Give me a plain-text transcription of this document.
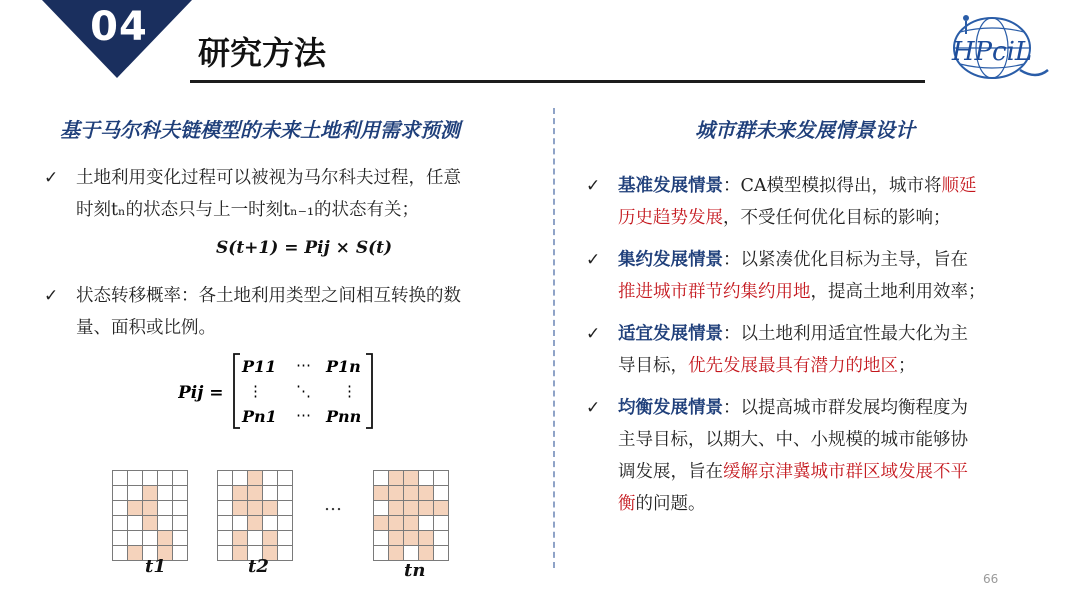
04
研究方法	HPciL
基于马尔科夫链模型的未来土地利用需求预测	城市群未来发展情景设计
✓ 土地利用变化过程可以被视为马尔科夫过程，任意
时刻tₙ的状态只与上一时刻tₙ₋₁的状态有关；
S(t+1) = Pij × S(t)
✓ 状态转移概率：各土地利用类型之间相互转换的数
量、面积或比例。
Pij =
P11 ⋯ P1n
⋮ ⋱ ⋮
Pn1 ⋯ Pnn
…
t1	t2	tn
✓ 基准发展情景：CA模型模拟得出，城市将顺延
历史趋势发展，不受任何优化目标的影响；
✓ 集约发展情景：以紧凑优化目标为主导，旨在
推进城市群节约集约用地，提高土地利用效率；
✓ 适宜发展情景：以土地利用适宜性最大化为主
导目标，优先发展最具有潜力的地区；
✓ 均衡发展情景：以提高城市群发展均衡程度为
主导目标，以期大、中、小规模的城市能够协
调发展，旨在缓解京津冀城市群区域发展不平
衡的问题。
66
